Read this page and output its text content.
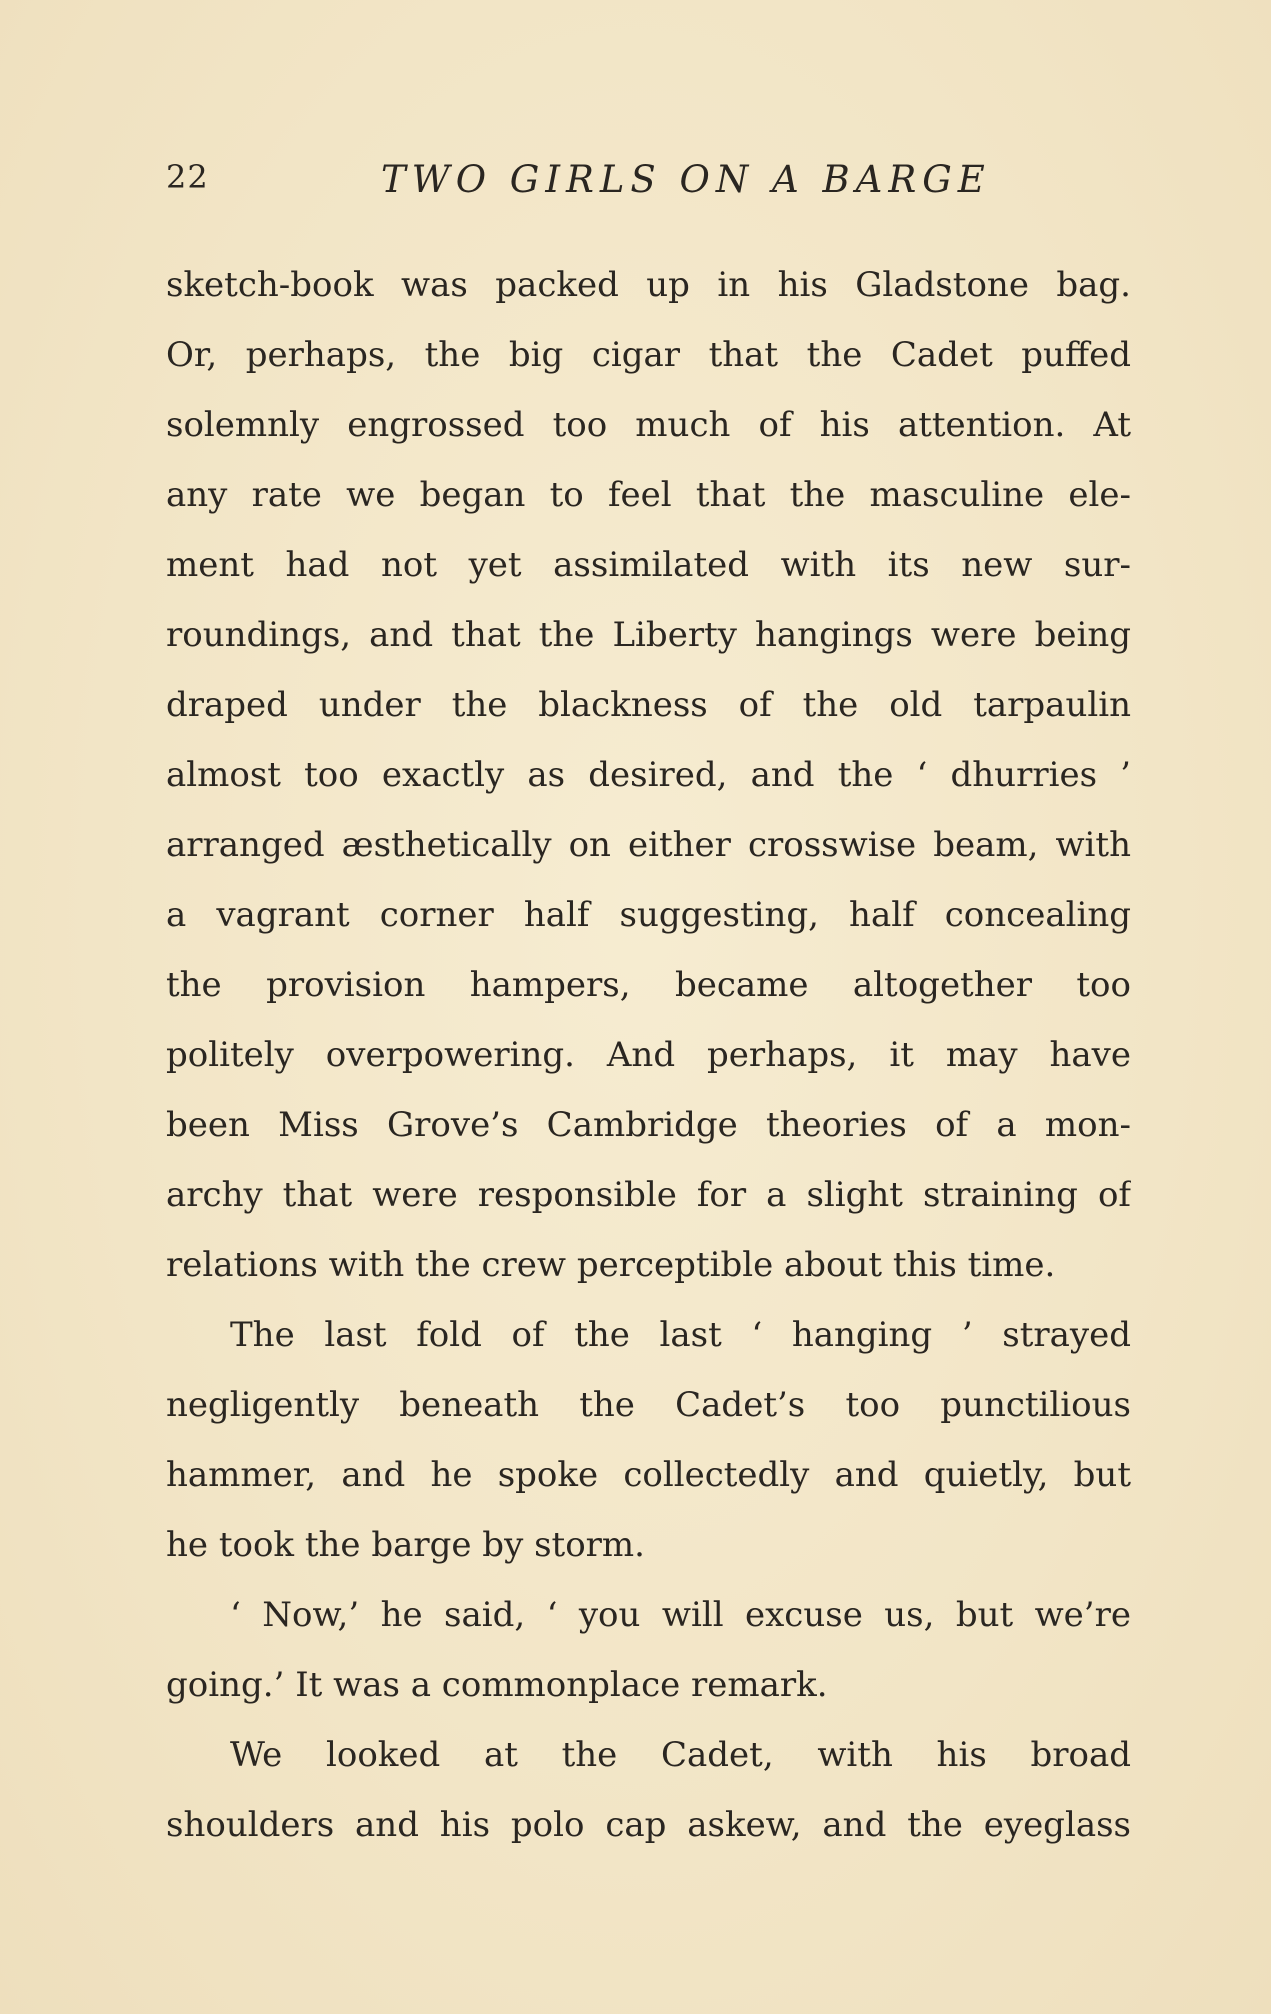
22	TWO GIRLS ON A BARGE
sketch-book was packed up in his Gladstone bag.
Or, perhaps, the big cigar that the Cadet puffed
solemnly engrossed too much of his attention. At
any rate we began to feel that the masculine ele-
ment had not yet assimilated with its new sur-
roundings, and that the Liberty hangings were being
draped under the blackness of the old tarpaulin
almost too exactly as desired, and the ‘ dhurries ’
arranged æsthetically on either crosswise beam, with
a vagrant corner half suggesting, half concealing
the provision hampers, became altogether too
politely overpowering. And perhaps, it may have
been Miss Grove’s Cambridge theories of a mon-
archy that were responsible for a slight straining of
relations with the crew perceptible about this time.
The last fold of the last ‘ hanging ’ strayed
negligently beneath the Cadet’s too punctilious
hammer, and he spoke collectedly and quietly, but
he took the barge by storm.
‘ Now,’ he said, ‘ you will excuse us, but we’re
going.’ It was a commonplace remark.
We looked at the Cadet, with his broad
shoulders and his polo cap askew, and the eyeglass
